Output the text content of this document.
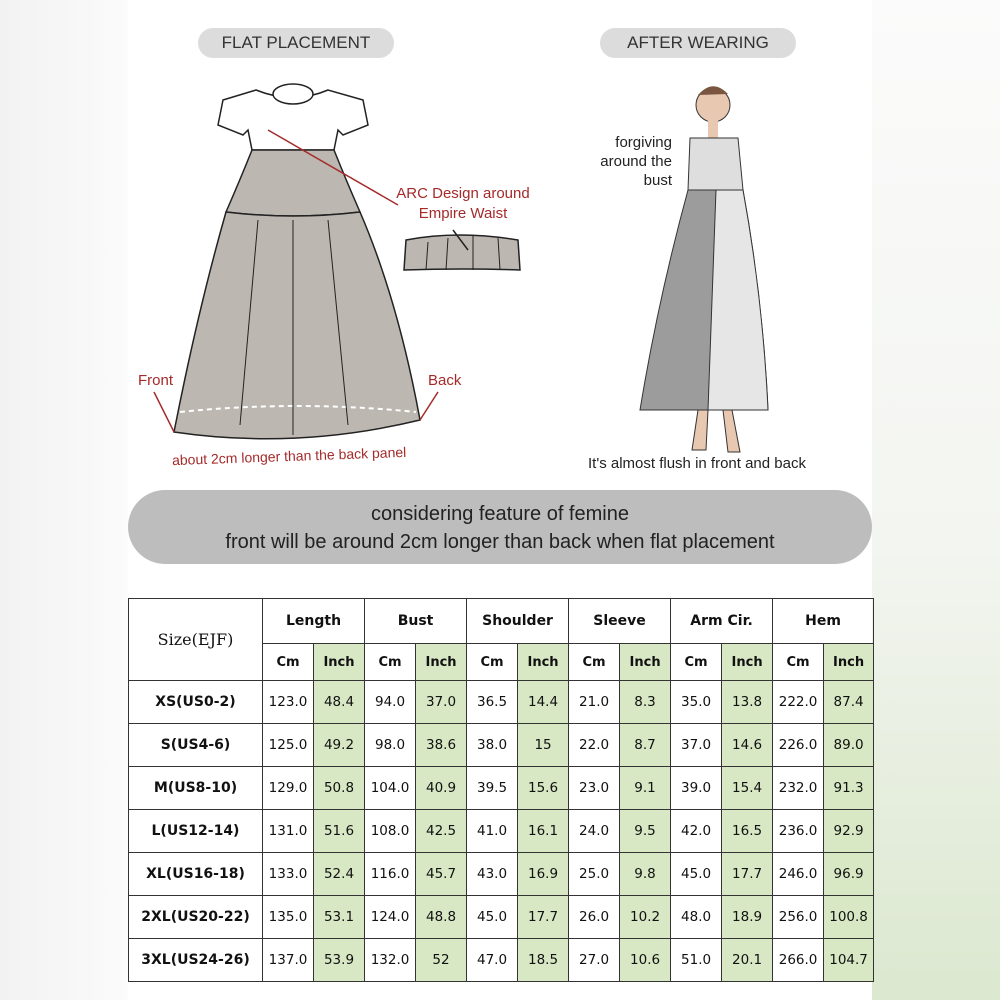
FLAT PLACEMENT	AFTER WEARING
ARC Design around
Empire Waist
Front	Back
about 2cm longer than the back panel
forgiving
around the
bust
It's almost flush in front and back
considering feature of femine
front will be around 2cm longer than back when flat placement
Size(EJF)	Length		Bust		Shoulder		Sleeve		Arm Cir.		Hem	
	Cm	Inch	Cm	Inch	Cm	Inch	Cm	Inch	Cm	Inch	Cm	Inch
XS(US0-2)	123.0	48.4	94.0	37.0	36.5	14.4	21.0	8.3	35.0	13.8	222.0	87.4
S(US4-6)	125.0	49.2	98.0	38.6	38.0	15	22.0	8.7	37.0	14.6	226.0	89.0
M(US8-10)	129.0	50.8	104.0	40.9	39.5	15.6	23.0	9.1	39.0	15.4	232.0	91.3
L(US12-14)	131.0	51.6	108.0	42.5	41.0	16.1	24.0	9.5	42.0	16.5	236.0	92.9
XL(US16-18)	133.0	52.4	116.0	45.7	43.0	16.9	25.0	9.8	45.0	17.7	246.0	96.9
2XL(US20-22)	135.0	53.1	124.0	48.8	45.0	17.7	26.0	10.2	48.0	18.9	256.0	100.8
3XL(US24-26)	137.0	53.9	132.0	52	47.0	18.5	27.0	10.6	51.0	20.1	266.0	104.7
